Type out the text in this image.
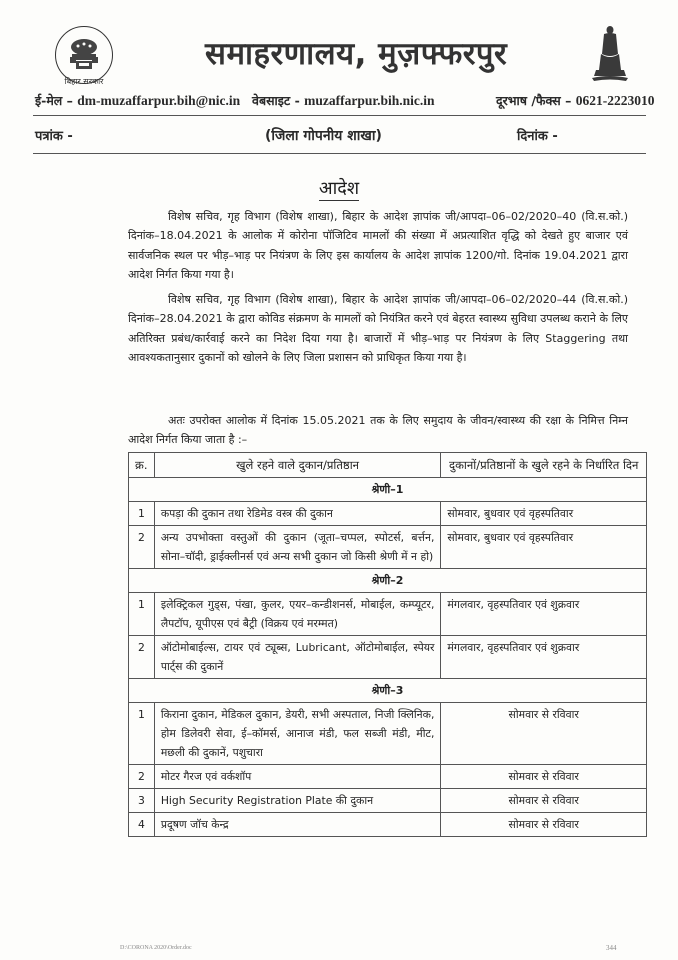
बिहार सरकार
समाहरणालय, मुज़फ्फरपुर
ई-मेल – dm-muzaffarpur.bih@nic.in वेबसाइट - muzaffarpur.bih.nic.in	दूरभाष /फैक्स – 0621-2223010
पत्रांक -	(जिला गोपनीय शाखा)	दिनांक -
आदेश
विशेष सचिव, गृह विभाग (विशेष शाखा), बिहार के आदेश ज्ञापांक जी/आपदा–06–02/2020–40 (वि.स.को.) दिनांक–18.04.2021 के आलोक में कोरोना पॉजिटिव मामलों की संख्या में अप्रत्याशित वृद्धि को देखते हुए बाजार एवं सार्वजनिक स्थल पर भीड़–भाड़ पर नियंत्रण के लिए इस कार्यालय के आदेश ज्ञापांक 1200/गो. दिनांक 19.04.2021 द्वारा आदेश निर्गत किया गया है।
विशेष सचिव, गृह विभाग (विशेष शाखा), बिहार के आदेश ज्ञापांक जी/आपदा–06–02/2020–44 (वि.स.को.) दिनांक–28.04.2021 के द्वारा कोविड संक्रमण के मामलों को नियंत्रित करने एवं बेहरत स्वास्थ्य सुविधा उपलब्ध कराने के लिए अतिरिक्त प्रबंध/कार्रवाई करने का निदेश दिया गया है। बाजारों में भीड़–भाड़ पर नियंत्रण के लिए Staggering तथा आवश्यकतानुसार दुकानों को खोलने के लिए जिला प्रशासन को प्राधिकृत किया गया है।
अतः उपरोक्त आलोक में दिनांक 15.05.2021 तक के लिए समुदाय के जीवन/स्वास्थ्य की रक्षा के निमित्त निम्न आदेश निर्गत किया जाता है :–
क्र.	खुले रहने वाले दुकान/प्रतिष्ठान	दुकानों/प्रतिष्ठानों के खुले रहने के निर्धारित दिन
श्रेणी–1		
1	कपड़ा की दुकान तथा रेडिमेड वस्त्र की दुकान	सोमवार, बुधवार एवं वृहस्पतिवार
2	अन्य उपभोक्ता वस्तुओं की दुकान (जूता–चप्पल, स्पोटर्स, बर्त्तन, सोना–चॉदी, ड्राईक्लीनर्स एवं अन्य सभी दुकान जो किसी श्रेणी में न हो)	सोमवार, बुधवार एवं वृहस्पतिवार
श्रेणी–2		
1	इलेक्ट्रिकल गुड्स, पंखा, कुलर, एयर–कन्डीशनर्स, मोबाईल, कम्प्यूटर, लैपटॉप, यूपीएस एवं बैट्री (विक्रय एवं मरम्मत)	मंगलवार, वृहस्पतिवार एवं शुक्रवार
2	ऑटोमोबाईल्स, टायर एवं ट्यूब्स, Lubricant, ऑटोमोबाईल, स्पेयर पार्ट्स की दुकानें	मंगलवार, वृहस्पतिवार एवं शुक्रवार
श्रेणी–3		
1	किराना दुकान, मेडिकल दुकान, डेयरी, सभी अस्पताल, निजी क्लिनिक, होम डिलेवरी सेवा, ई–कॉमर्स, आनाज मंडी, फल सब्जी मंडी, मीट, मछली की दुकानें, पशुचारा	सोमवार से रविवार
2	मोटर गैरज एवं वर्कशॉप	सोमवार से रविवार
3	High Security Registration Plate की दुकान	सोमवार से रविवार
4	प्रदूषण जॉच केन्द्र	सोमवार से रविवार
D:\CORONA 2020\Order.doc	344
